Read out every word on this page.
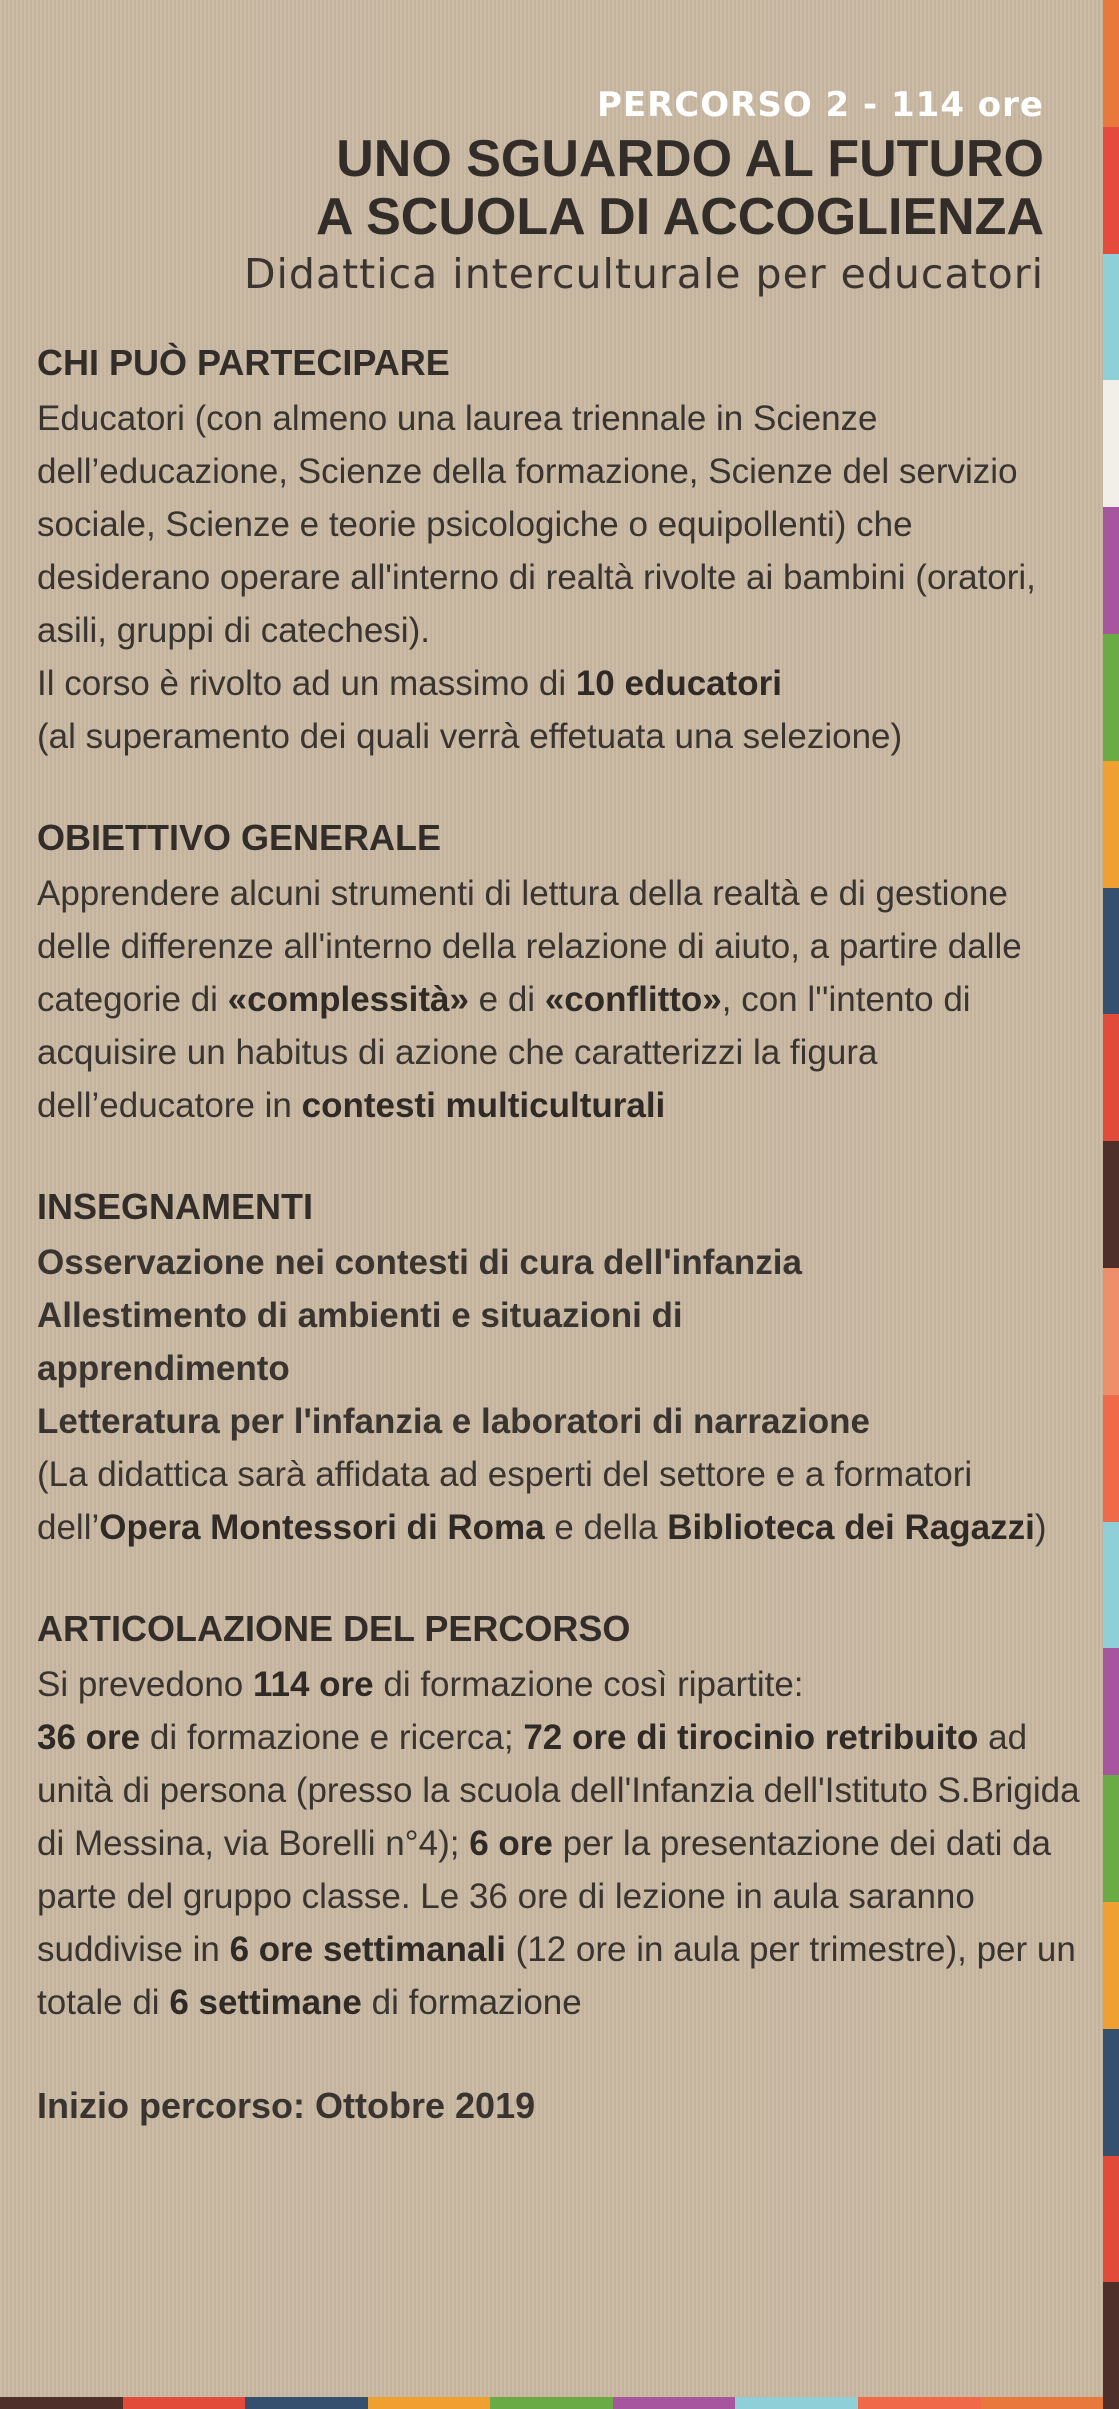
PERCORSO 2 - 114 ore
UNO SGUARDO AL FUTURO
A SCUOLA DI ACCOGLIENZA
Didattica interculturale per educatori
CHI PUÒ PARTECIPARE
Educatori (con almeno una laurea triennale in Scienze dell’educazione, Scienze della formazione, Scienze del servizio sociale, Scienze e teorie psicologiche o equipollenti) che desiderano operare all'interno di realtà rivolte ai bambini (oratori, asili, gruppi di catechesi).
Il corso è rivolto ad un massimo di 10 educatori
(al superamento dei quali verrà effetuata una selezione)
OBIETTIVO GENERALE
Apprendere alcuni strumenti di lettura della realtà e di gestione delle differenze all'interno della relazione di aiuto, a partire dalle categorie di «complessità» e di «conflitto», con l''intento di acquisire un habitus di azione che caratterizzi la figura dell’educatore in contesti multiculturali
INSEGNAMENTI
Osservazione nei contesti di cura dell'infanzia
Allestimento di ambienti e situazioni di apprendimento
Letteratura per l'infanzia e laboratori di narrazione
(La didattica sarà affidata ad esperti del settore e a formatori dell’Opera Montessori di Roma e della Biblioteca dei Ragazzi)
ARTICOLAZIONE DEL PERCORSO
Si prevedono 114 ore di formazione così ripartite:
36 ore di formazione e ricerca; 72 ore di tirocinio retribuito ad unità di persona (presso la scuola dell'Infanzia dell'Istituto S.Brigida di Messina, via Borelli n°4); 6 ore per la presentazione dei dati da parte del gruppo classe. Le 36 ore di lezione in aula saranno suddivise in 6 ore settimanali (12 ore in aula per trimestre), per un totale di 6 settimane di formazione
Inizio percorso: Ottobre 2019
